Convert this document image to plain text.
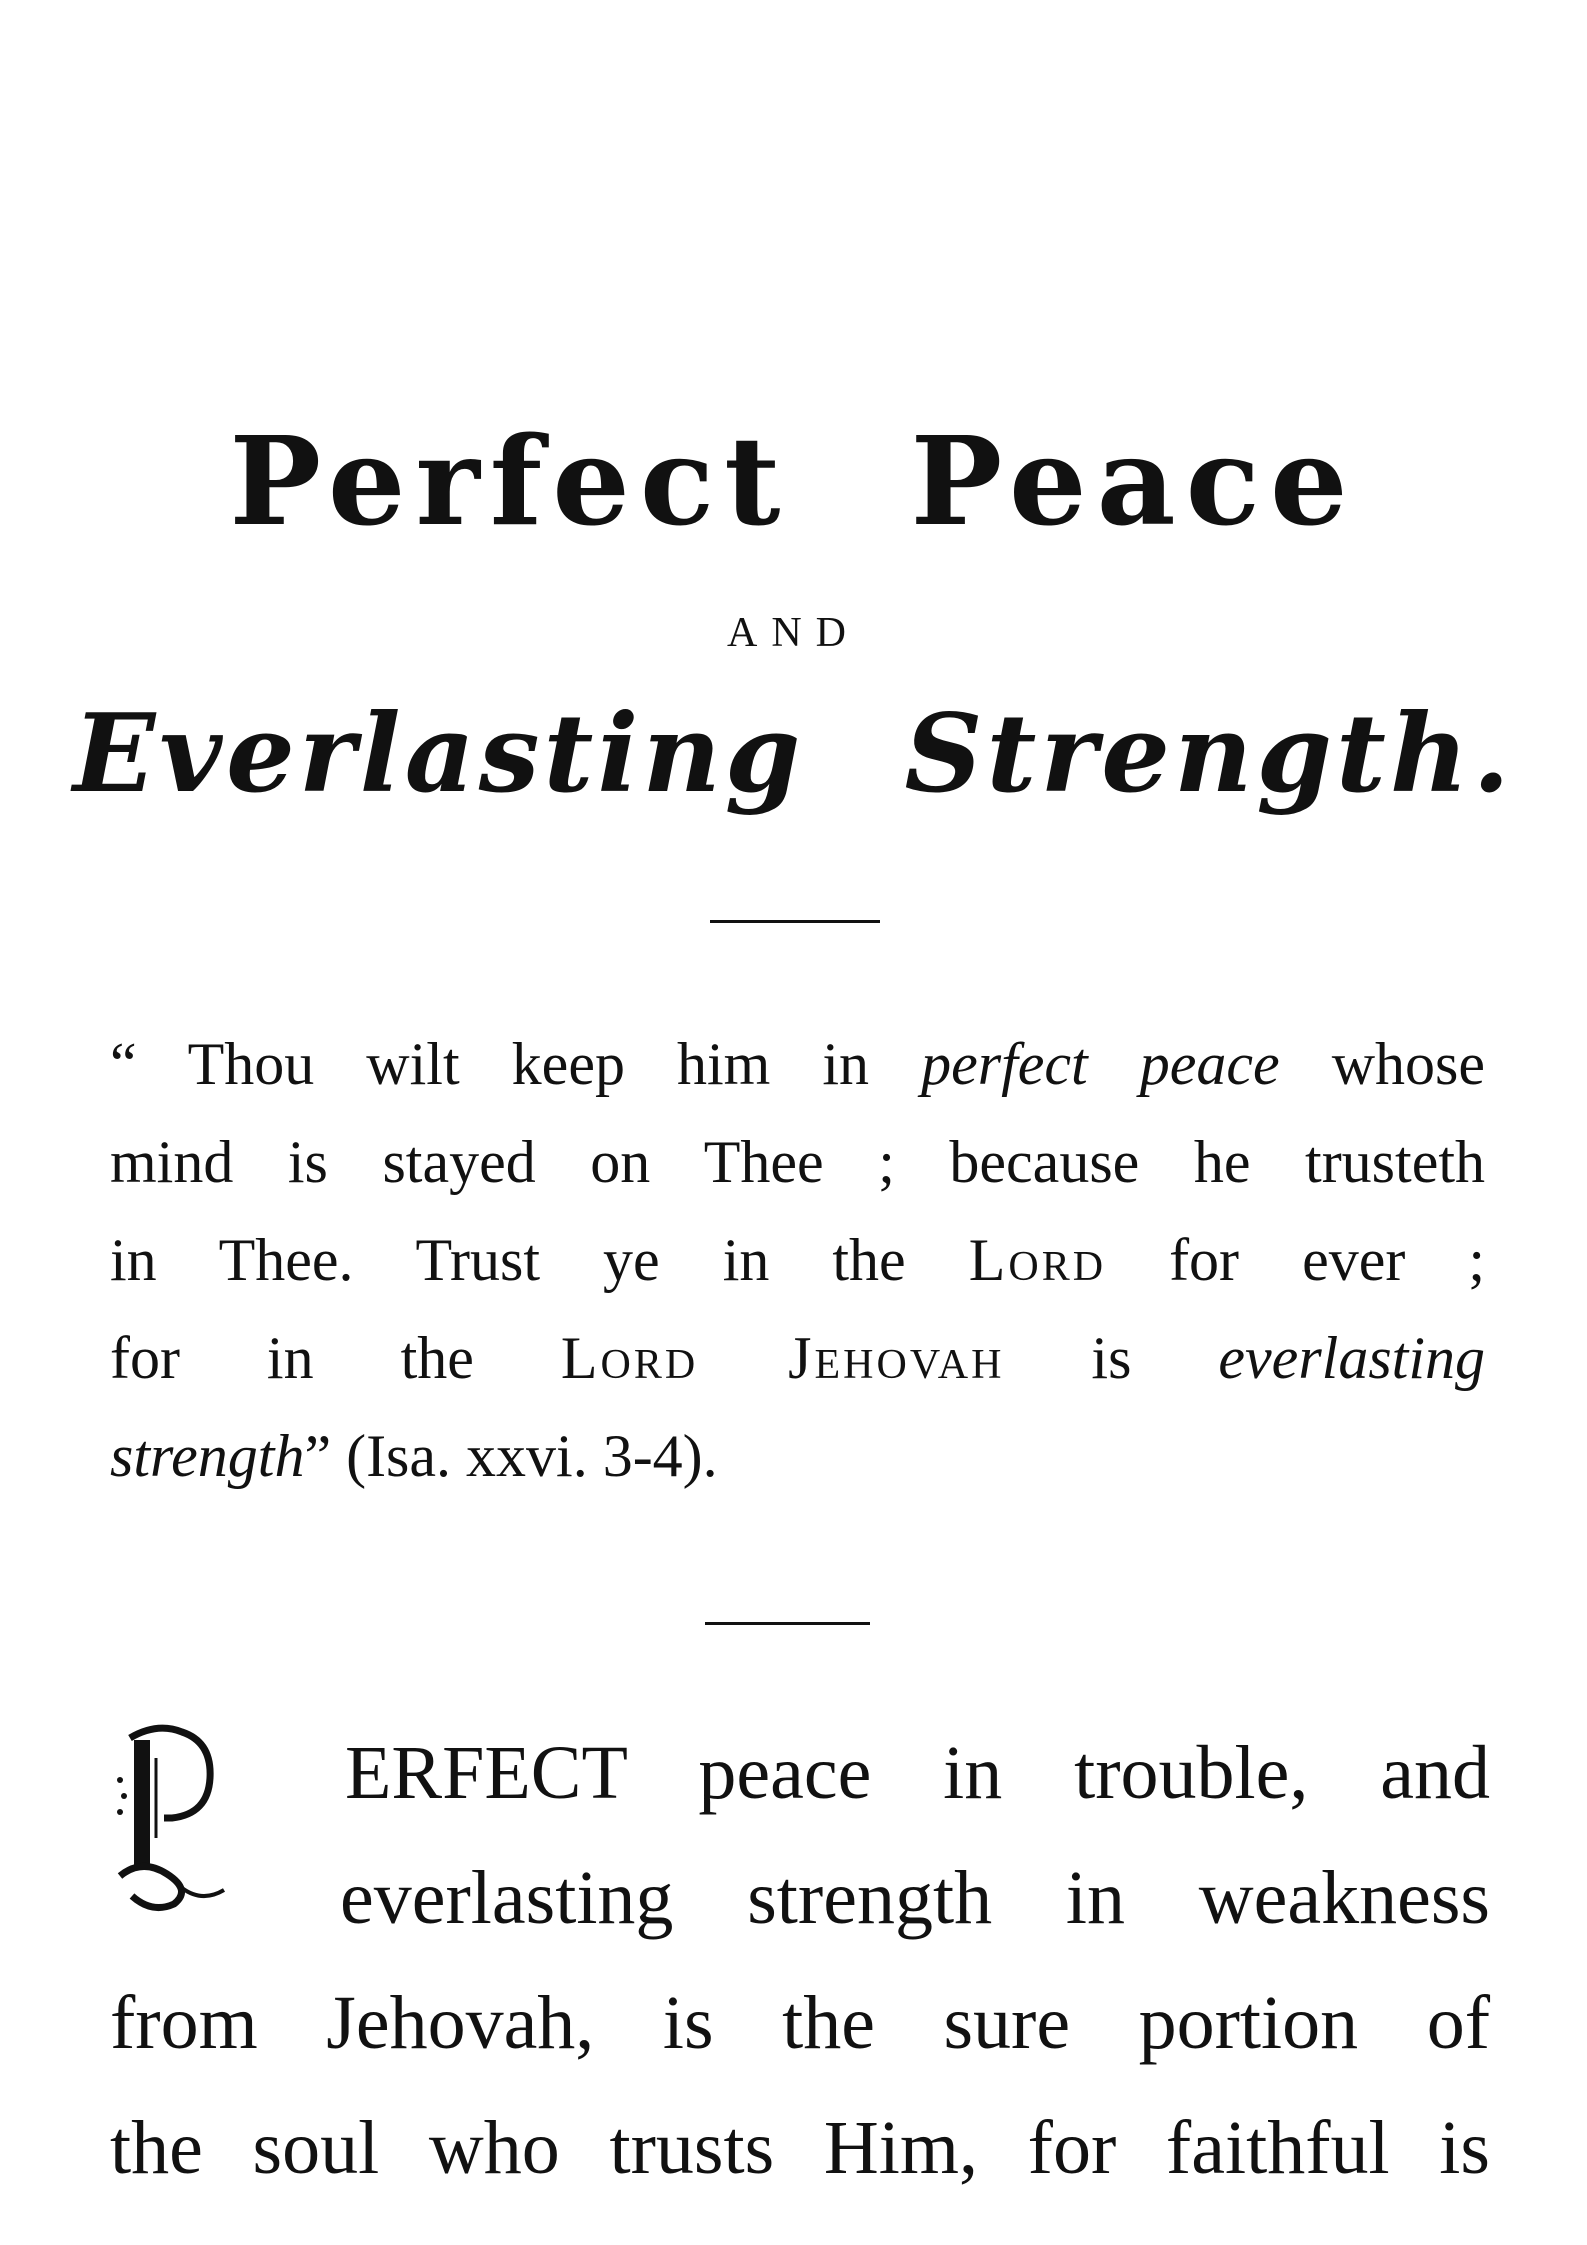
Perfect Peace
AND
Everlasting Strength.
“ Thou wilt keep him in perfect peace whose
mind is stayed on Thee ; because he trusteth
in Thee. Trust ye in the Lord for ever ;
for in the Lord Jehovah is everlasting
strength” (Isa. xxvi. 3-4).
P
ERFECT peace in trouble, and
everlasting strength in weakness
from Jehovah, is the sure portion of
the soul who trusts Him, for faithful is
